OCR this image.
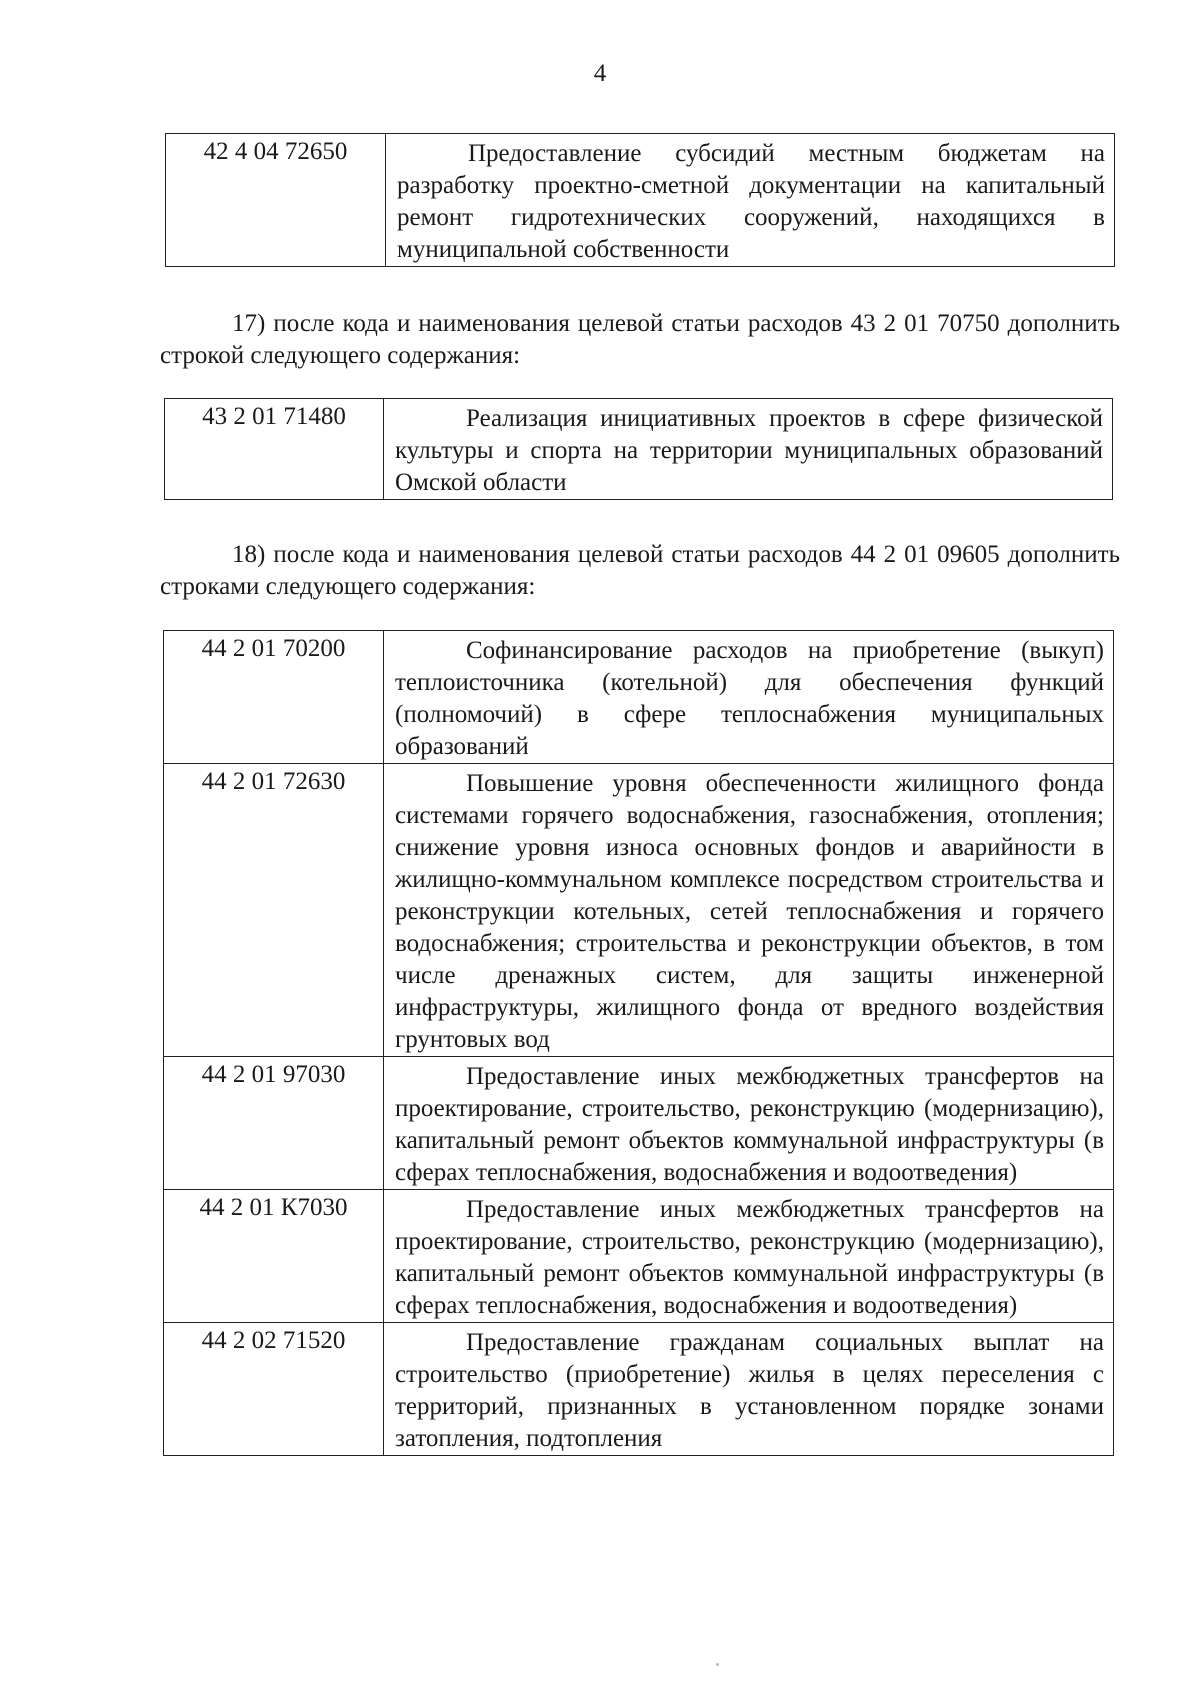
4
42 4 04 72650	Предоставление субсидий местным бюджетам на разработку проектно-сметной документации на капитальный ремонт гидротехнических сооружений, находящихся в муниципальной собственности
17) после кода и наименования целевой статьи расходов 43 2 01 70750 дополнить строкой следующего содержания:
43 2 01 71480	Реализация инициативных проектов в сфере физической культуры и спорта на территории муниципальных образований Омской области
18) после кода и наименования целевой статьи расходов 44 2 01 09605 дополнить строками следующего содержания:
44 2 01 70200	Софинансирование расходов на приобретение (выкуп) теплоисточника (котельной) для обеспечения функций (полномочий) в сфере теплоснабжения муниципальных образований
44 2 01 72630	Повышение уровня обеспеченности жилищного фонда системами горячего водоснабжения, газоснабжения, отопления; снижение уровня износа основных фондов и аварийности в жилищно-коммунальном комплексе посредством строительства и реконструкции котельных, сетей теплоснабжения и горячего водоснабжения; строительства и реконструкции объектов, в том числе дренажных систем, для защиты инженерной инфраструктуры, жилищного фонда от вредного воздействия грунтовых вод
44 2 01 97030	Предоставление иных межбюджетных трансфертов на проектирование, строительство, реконструкцию (модернизацию), капитальный ремонт объектов коммунальной инфраструктуры (в сферах теплоснабжения, водоснабжения и водоотведения)
44 2 01 К7030	Предоставление иных межбюджетных трансфертов на проектирование, строительство, реконструкцию (модернизацию), капитальный ремонт объектов коммунальной инфраструктуры (в сферах теплоснабжения, водоснабжения и водоотведения)
44 2 02 71520	Предоставление гражданам социальных выплат на строительство (приобретение) жилья в целях переселения с территорий, признанных в установленном порядке зонами затопления, подтопления
